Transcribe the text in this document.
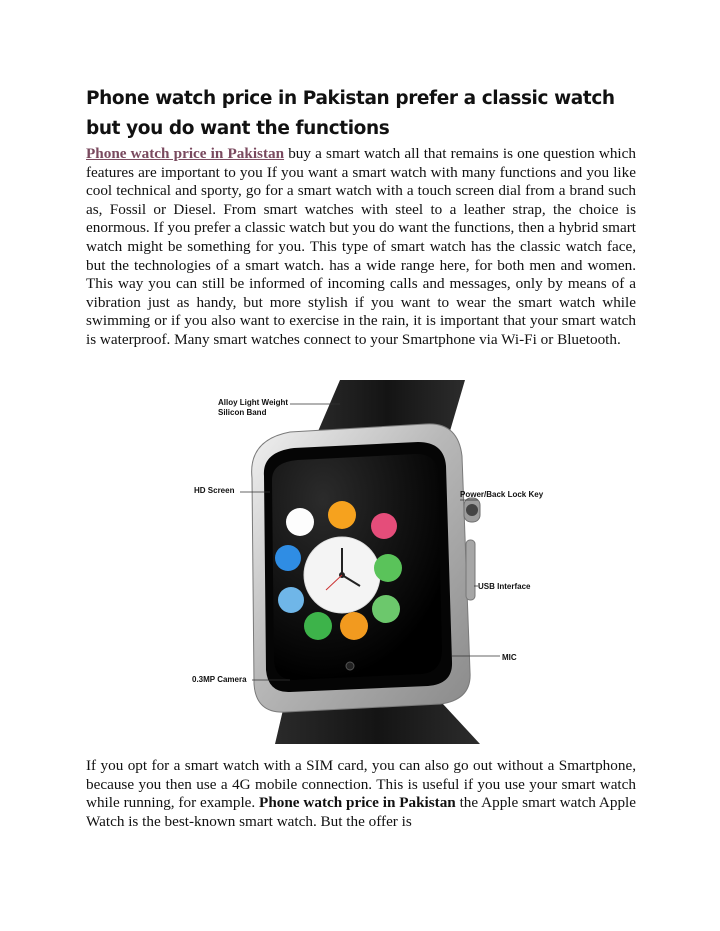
Phone watch price in Pakistan prefer a classic watch but you do want the functions

Phone watch price in Pakistan buy a smart watch all that remains is one question which features are important to you If you want a smart watch with many functions and you like cool technical and sporty, go for a smart watch with a touch screen dial from a brand such as, Fossil or Diesel. From smart watches with steel to a leather strap, the choice is enormous. If you prefer a classic watch but you do want the functions, then a hybrid smart watch might be something for you. This type of smart watch has the classic watch face, but the technologies of a smart watch. has a wide range here, for both men and women. This way you can still be informed of incoming calls and messages, only by means of a vibration just as handy, but more stylish if you want to wear the smart watch while swimming or if you also want to exercise in the rain, it is important that your smart watch is waterproof. Many smart watches connect to your Smartphone via Wi-Fi or Bluetooth.

Alloy Light Weight
Silicon Band
HD Screen	Power/Back Lock Key
USB Interface
MIC
0.3MP Camera

If you opt for a smart watch with a SIM card, you can also go out without a Smartphone, because you then use a 4G mobile connection. This is useful if you use your smart watch while running, for example. Phone watch price in Pakistan the Apple smart watch Apple Watch is the best-known smart watch. But the offer is
